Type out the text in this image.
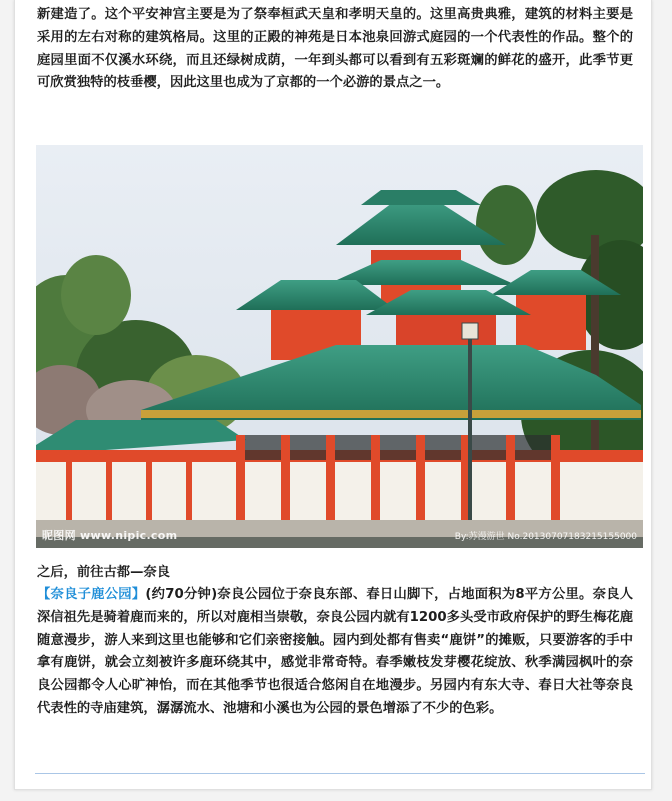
新建造了。这个平安神宫主要是为了祭奉桓武天皇和孝明天皇的。这里高贵典雅，建筑的材料主要是采用的左右对称的建筑格局。这里的正殿的神苑是日本池泉回游式庭园的一个代表性的作品。整个的庭园里面不仅溪水环绕，而且还绿树成荫，一年到头都可以看到有五彩斑斓的鲜花的盛开，此季节更可欣赏独特的枝垂樱，因此这里也成为了京都的一个必游的景点之一。

昵图网 www.nipic.com	By:苏漫游世 No.20130707183215155000

之后，前往古都—奈良

【奈良子鹿公园】(约70分钟)奈良公园位于奈良东部、春日山脚下，占地面积为8平方公里。奈良人深信祖先是骑着鹿而来的，所以对鹿相当崇敬，奈良公园内就有1200多头受市政府保护的野生梅花鹿随意漫步，游人来到这里也能够和它们亲密接触。园内到处都有售卖“鹿饼”的摊贩，只要游客的手中拿有鹿饼，就会立刻被许多鹿环绕其中，感觉非常奇特。春季嫩枝发芽樱花绽放、秋季满园枫叶的奈良公园都令人心旷神怡，而在其他季节也很适合悠闲自在地漫步。另园内有东大寺、春日大社等奈良代表性的寺庙建筑，潺潺流水、池塘和小溪也为公园的景色增添了不少的色彩。
